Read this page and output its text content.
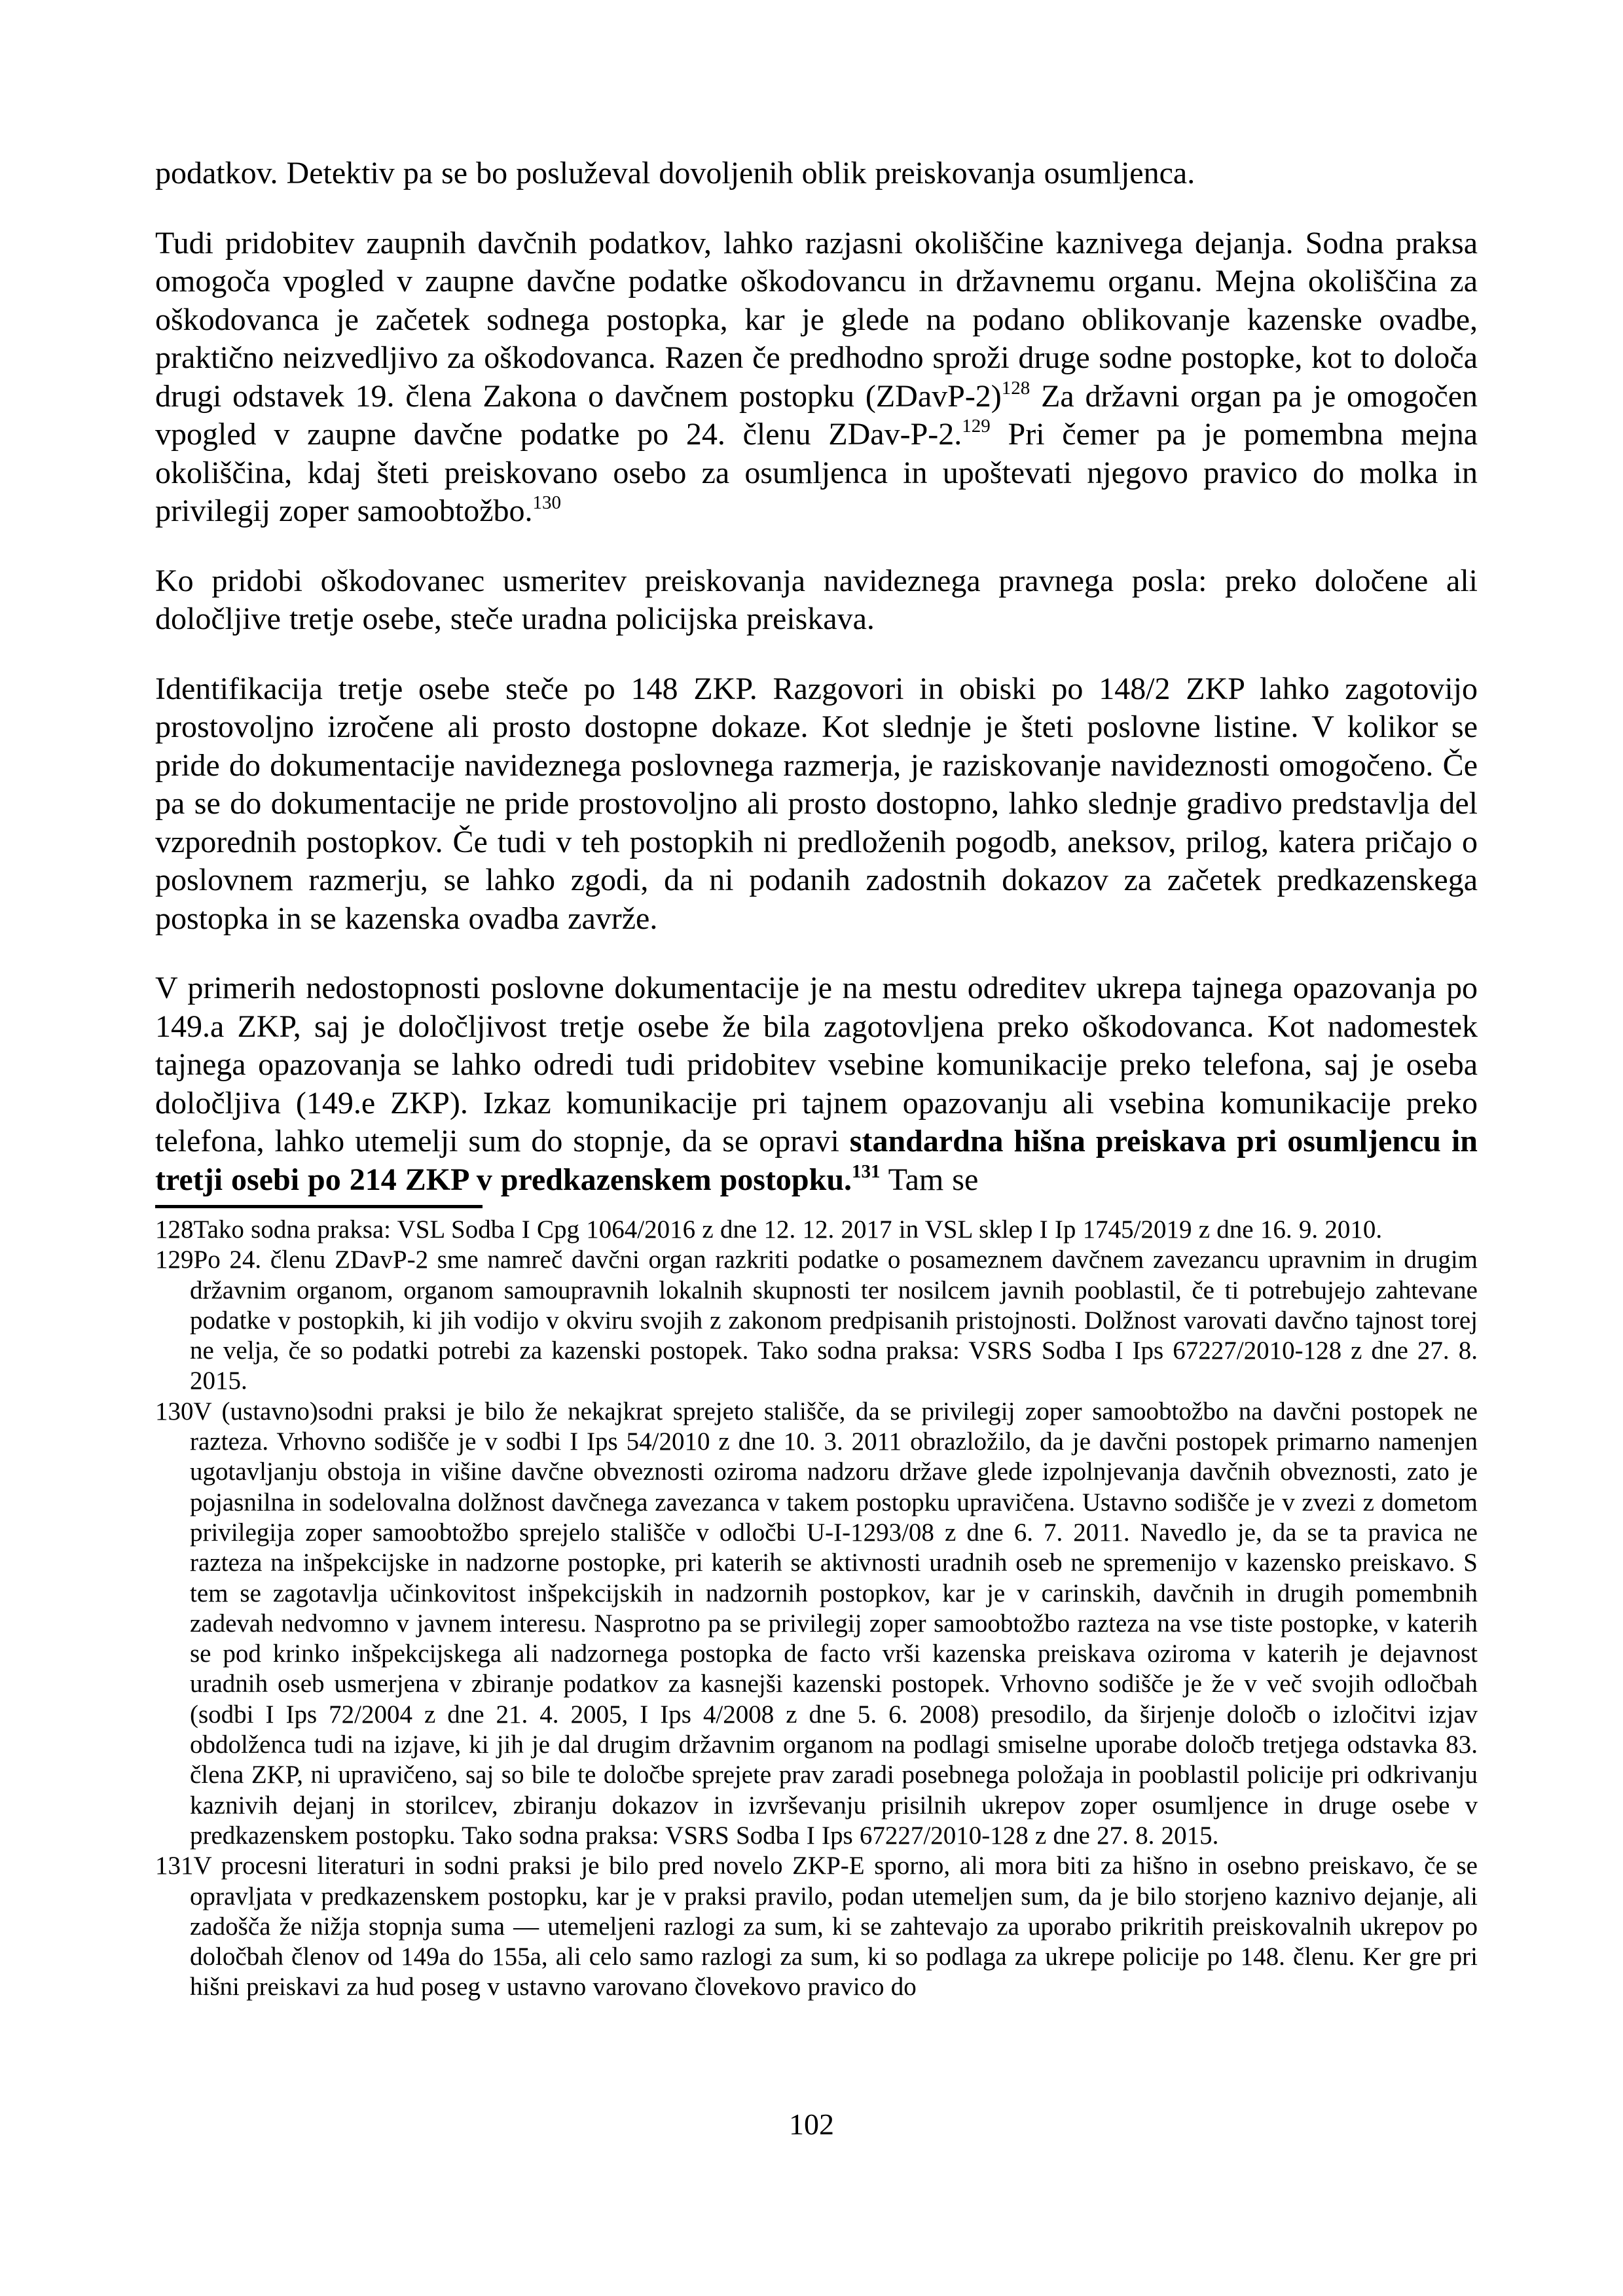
podatkov. Detektiv pa se bo posluževal dovoljenih oblik preiskovanja osumljenca.

Tudi pridobitev zaupnih davčnih podatkov, lahko razjasni okoliščine kaznivega dejanja. Sodna praksa omogoča vpogled v zaupne davčne podatke oškodovancu in državnemu organu. Mejna okoliščina za oškodovanca je začetek sodnega postopka, kar je glede na podano oblikovanje kazenske ovadbe, praktično neizvedljivo za oškodovanca. Razen če predhodno sproži druge sodne postopke, kot to določa drugi odstavek 19. člena Zakona o davčnem postopku (ZDavP-2)$^{128}$ Za državni organ pa je omogočen vpogled v zaupne davčne podatke po 24. členu ZDav-P-2.$^{129}$ Pri čemer pa je pomembna mejna okoliščina, kdaj šteti preiskovano osebo za osumljenca in upoštevati njegovo pravico do molka in privilegij zoper samoobtožbo.$^{130}$

Ko pridobi oškodovanec usmeritev preiskovanja navideznega pravnega posla: preko določene ali določljive tretje osebe, steče uradna policijska preiskava.

Identifikacija tretje osebe steče po 148 ZKP. Razgovori in obiski po 148/2 ZKP lahko zagotovijo prostovoljno izročene ali prosto dostopne dokaze. Kot slednje je šteti poslovne listine. V kolikor se pride do dokumentacije navideznega poslovnega razmerja, je raziskovanje navideznosti omogočeno. Če pa se do dokumentacije ne pride prostovoljno ali prosto dostopno, lahko slednje gradivo predstavlja del vzporednih postopkov. Če tudi v teh postopkih ni predloženih pogodb, aneksov, prilog, katera pričajo o poslovnem razmerju, se lahko zgodi, da ni podanih zadostnih dokazov za začetek predkazenskega postopka in se kazenska ovadba zavrže.

V primerih nedostopnosti poslovne dokumentacije je na mestu odreditev ukrepa tajnega opazovanja po 149.a ZKP, saj je določljivost tretje osebe že bila zagotovljena preko oškodovanca. Kot nadomestek tajnega opazovanja se lahko odredi tudi pridobitev vsebine komunikacije preko telefona, saj je oseba določljiva (149.e ZKP). Izkaz komunikacije pri tajnem opazovanju ali vsebina komunikacije preko telefona, lahko utemelji sum do stopnje, da se opravi standardna hišna preiskava pri osumljencu in tretji osebi po 214 ZKP v predkazenskem postopku.$^{131}$ Tam se

128Tako sodna praksa: VSL Sodba I Cpg 1064/2016 z dne 12. 12. 2017 in VSL sklep I Ip 1745/2019 z dne 16. 9. 2010.

129Po 24. členu ZDavP-2 sme namreč davčni organ razkriti podatke o posameznem davčnem zavezancu upravnim in drugim državnim organom, organom samoupravnih lokalnih skupnosti ter nosilcem javnih pooblastil, če ti potrebujejo zahtevane podatke v postopkih, ki jih vodijo v okviru svojih z zakonom predpisanih pristojnosti. Dolžnost varovati davčno tajnost torej ne velja, če so podatki potrebi za kazenski postopek. Tako sodna praksa: VSRS Sodba I Ips 67227/2010-128 z dne 27. 8. 2015.

130V (ustavno)sodni praksi je bilo že nekajkrat sprejeto stališče, da se privilegij zoper samoobtožbo na davčni postopek ne razteza. Vrhovno sodišče je v sodbi I Ips 54/2010 z dne 10. 3. 2011 obrazložilo, da je davčni postopek primarno namenjen ugotavljanju obstoja in višine davčne obveznosti oziroma nadzoru države glede izpolnjevanja davčnih obveznosti, zato je pojasnilna in sodelovalna dolžnost davčnega zavezanca v takem postopku upravičena. Ustavno sodišče je v zvezi z dometom privilegija zoper samoobtožbo sprejelo stališče v odločbi U-I-1293/08 z dne 6. 7. 2011. Navedlo je, da se ta pravica ne razteza na inšpekcijske in nadzorne postopke, pri katerih se aktivnosti uradnih oseb ne spremenijo v kazensko preiskavo. S tem se zagotavlja učinkovitost inšpekcijskih in nadzornih postopkov, kar je v carinskih, davčnih in drugih pomembnih zadevah nedvomno v javnem interesu. Nasprotno pa se privilegij zoper samoobtožbo razteza na vse tiste postopke, v katerih se pod krinko inšpekcijskega ali nadzornega postopka de facto vrši kazenska preiskava oziroma v katerih je dejavnost uradnih oseb usmerjena v zbiranje podatkov za kasnejši kazenski postopek. Vrhovno sodišče je že v več svojih odločbah (sodbi I Ips 72/2004 z dne 21. 4. 2005, I Ips 4/2008 z dne 5. 6. 2008) presodilo, da širjenje določb o izločitvi izjav obdolženca tudi na izjave, ki jih je dal drugim državnim organom na podlagi smiselne uporabe določb tretjega odstavka 83. člena ZKP, ni upravičeno, saj so bile te določbe sprejete prav zaradi posebnega položaja in pooblastil policije pri odkrivanju kaznivih dejanj in storilcev, zbiranju dokazov in izvrševanju prisilnih ukrepov zoper osumljence in druge osebe v predkazenskem postopku. Tako sodna praksa: VSRS Sodba I Ips 67227/2010-128 z dne 27. 8. 2015.

131V procesni literaturi in sodni praksi je bilo pred novelo ZKP-E sporno, ali mora biti za hišno in osebno preiskavo, če se opravljata v predkazenskem postopku, kar je v praksi pravilo, podan utemeljen sum, da je bilo storjeno kaznivo dejanje, ali zadošča že nižja stopnja suma — utemeljeni razlogi za sum, ki se zahtevajo za uporabo prikritih preiskovalnih ukrepov po določbah členov od 149a do 155a, ali celo samo razlogi za sum, ki so podlaga za ukrepe policije po 148. členu. Ker gre pri hišni preiskavi za hud poseg v ustavno varovano človekovo pravico do

102
